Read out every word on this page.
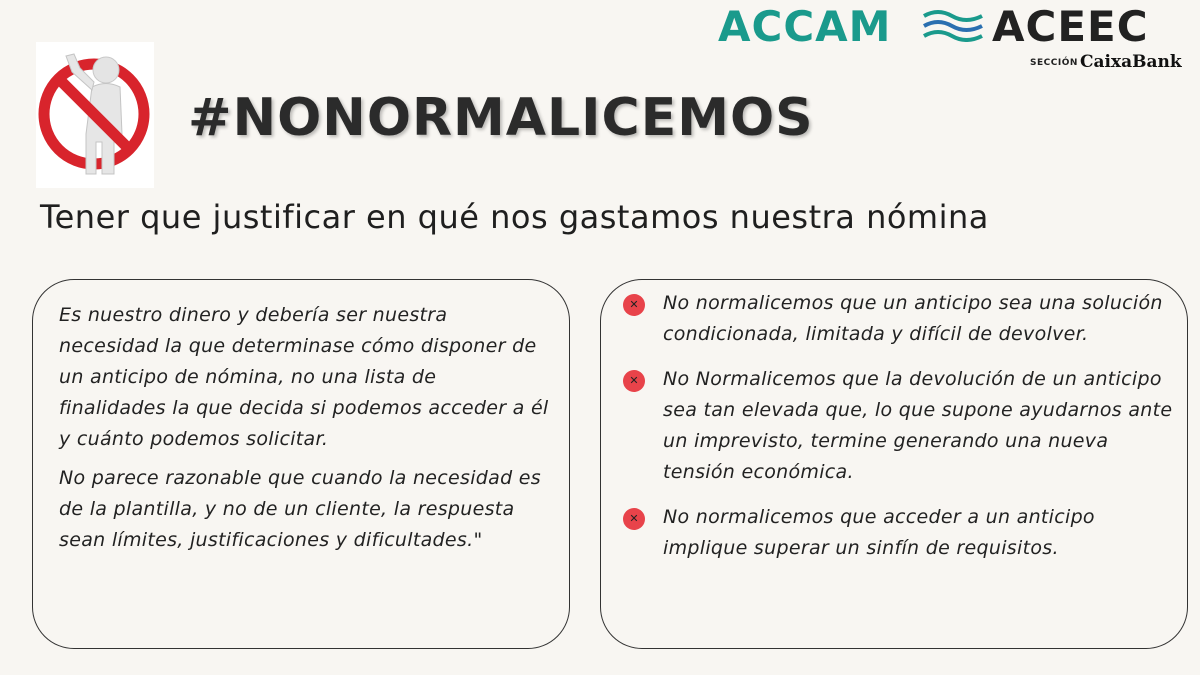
ACCAM ACEEC
SECCIÓN CaixaBank
#NONORMALICEMOS
Tener que justificar en qué nos gastamos nuestra nómina

Es nuestro dinero y debería ser nuestra necesidad la que determinase cómo disponer de un anticipo de nómina, no una lista de finalidades la que decida si podemos acceder a él y cuánto podemos solicitar.

No parece razonable que cuando la necesidad es de la plantilla, y no de un cliente, la respuesta sean límites, justificaciones y dificultades."

✕
No normalicemos que un anticipo sea una solución condicionada, limitada y difícil de devolver.
✕
No Normalicemos que la devolución de un anticipo sea tan elevada que, lo que supone ayudarnos ante un imprevisto, termine generando una nueva tensión económica.
✕
No normalicemos que acceder a un anticipo implique superar un sinfín de requisitos.
